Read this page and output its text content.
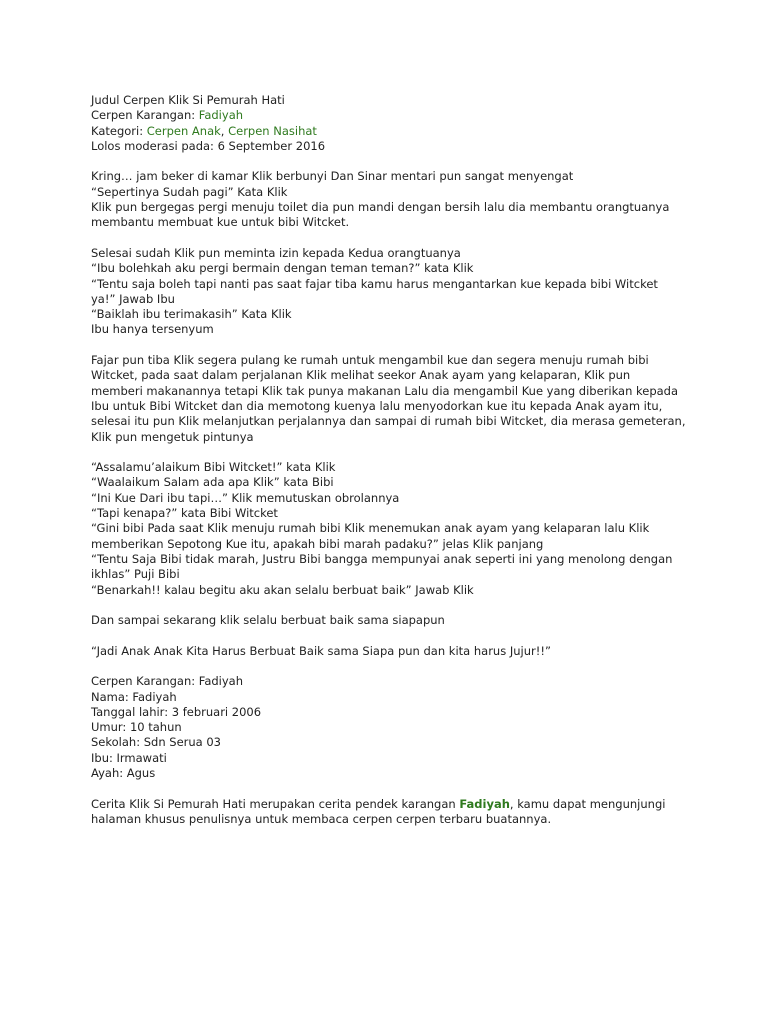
Judul Cerpen Klik Si Pemurah Hati
Cerpen Karangan: Fadiyah
Kategori: Cerpen Anak, Cerpen Nasihat
Lolos moderasi pada: 6 September 2016
Kring… jam beker di kamar Klik berbunyi Dan Sinar mentari pun sangat menyengat
“Sepertinya Sudah pagi” Kata Klik
Klik pun bergegas pergi menuju toilet dia pun mandi dengan bersih lalu dia membantu orangtuanya
membantu membuat kue untuk bibi Witcket.
Selesai sudah Klik pun meminta izin kepada Kedua orangtuanya
“Ibu bolehkah aku pergi bermain dengan teman teman?” kata Klik
“Tentu saja boleh tapi nanti pas saat fajar tiba kamu harus mengantarkan kue kepada bibi Witcket
ya!” Jawab Ibu
“Baiklah ibu terimakasih” Kata Klik
Ibu hanya tersenyum
Fajar pun tiba Klik segera pulang ke rumah untuk mengambil kue dan segera menuju rumah bibi
Witcket, pada saat dalam perjalanan Klik melihat seekor Anak ayam yang kelaparan, Klik pun
memberi makanannya tetapi Klik tak punya makanan Lalu dia mengambil Kue yang diberikan kepada
Ibu untuk Bibi Witcket dan dia memotong kuenya lalu menyodorkan kue itu kepada Anak ayam itu,
selesai itu pun Klik melanjutkan perjalannya dan sampai di rumah bibi Witcket, dia merasa gemeteran,
Klik pun mengetuk pintunya
“Assalamu’alaikum Bibi Witcket!” kata Klik
“Waalaikum Salam ada apa Klik” kata Bibi
“Ini Kue Dari ibu tapi…” Klik memutuskan obrolannya
“Tapi kenapa?” kata Bibi Witcket
“Gini bibi Pada saat Klik menuju rumah bibi Klik menemukan anak ayam yang kelaparan lalu Klik
memberikan Sepotong Kue itu, apakah bibi marah padaku?” jelas Klik panjang
“Tentu Saja Bibi tidak marah, Justru Bibi bangga mempunyai anak seperti ini yang menolong dengan
ikhlas” Puji Bibi
“Benarkah!! kalau begitu aku akan selalu berbuat baik” Jawab Klik
Dan sampai sekarang klik selalu berbuat baik sama siapapun
“Jadi Anak Anak Kita Harus Berbuat Baik sama Siapa pun dan kita harus Jujur!!”
Cerpen Karangan: Fadiyah
Nama: Fadiyah
Tanggal lahir: 3 februari 2006
Umur: 10 tahun
Sekolah: Sdn Serua 03
Ibu: Irmawati
Ayah: Agus
Cerita Klik Si Pemurah Hati merupakan cerita pendek karangan Fadiyah, kamu dapat mengunjungi
halaman khusus penulisnya untuk membaca cerpen cerpen terbaru buatannya.
